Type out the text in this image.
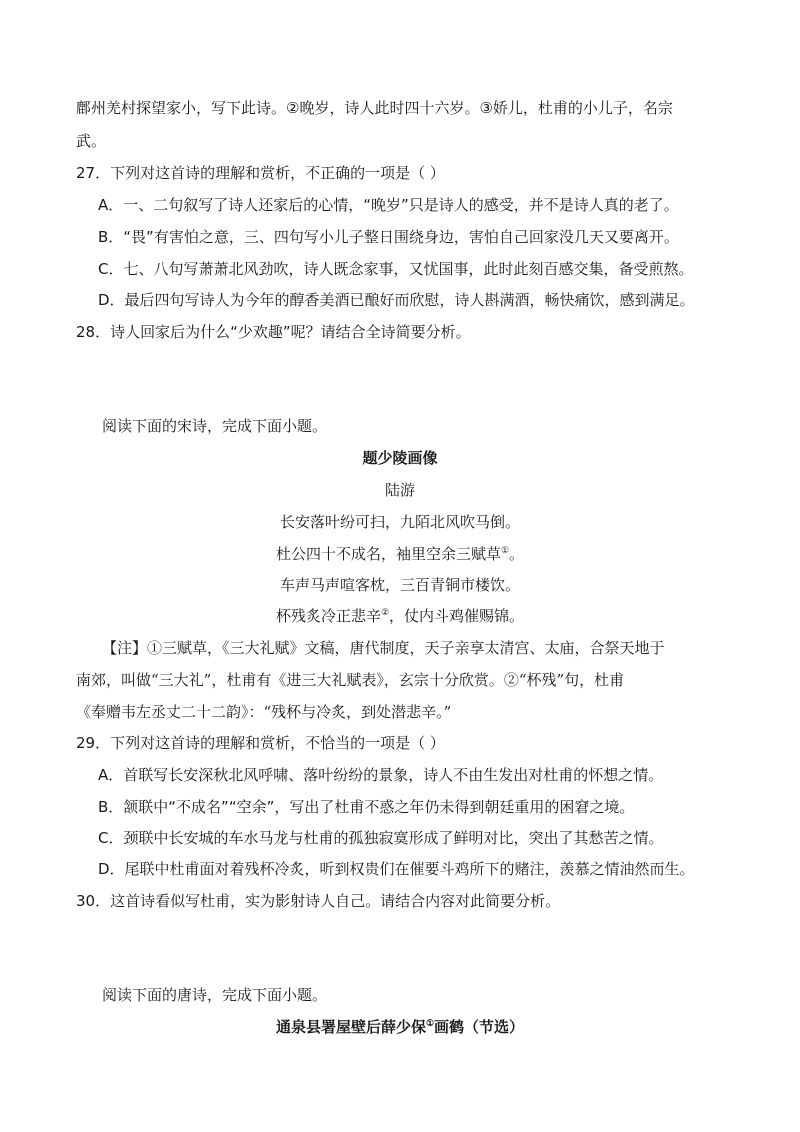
鄜州羌村探望家小，写下此诗。②晚岁，诗人此时四十六岁。③娇儿，杜甫的小儿子，名宗
武。
27．下列对这首诗的理解和赏析，不正确的一项是（ ）
A．一、二句叙写了诗人还家后的心情，“晚岁”只是诗人的感受，并不是诗人真的老了。
B．“畏”有害怕之意，三、四句写小儿子整日围绕身边，害怕自己回家没几天又要离开。
C．七、八句写萧萧北风劲吹，诗人既念家事，又忧国事，此时此刻百感交集，备受煎熬。
D．最后四句写诗人为今年的醇香美酒已酿好而欣慰，诗人斟满酒，畅快痛饮，感到满足。
28．诗人回家后为什么“少欢趣”呢？请结合全诗简要分析。
阅读下面的宋诗，完成下面小题。
题少陵画像
陆游
长安落叶纷可扫，九陌北风吹马倒。
杜公四十不成名，袖里空余三赋草①。
车声马声喧客枕，三百青铜市楼饮。
杯残炙冷正悲辛②，仗内斗鸡催赐锦。
【注】①三赋草，《三大礼赋》文稿，唐代制度，天子亲享太清宫、太庙，合祭天地于
南郊，叫做“三大礼”，杜甫有《进三大礼赋表》，玄宗十分欣赏。②“杯残”句，杜甫
《奉赠韦左丞丈二十二韵》：“残杯与冷炙，到处潜悲辛。”
29．下列对这首诗的理解和赏析，不恰当的一项是（ ）
A．首联写长安深秋北风呼啸、落叶纷纷的景象，诗人不由生发出对杜甫的怀想之情。
B．颔联中“不成名”“空余”，写出了杜甫不惑之年仍未得到朝廷重用的困窘之境。
C．颈联中长安城的车水马龙与杜甫的孤独寂寞形成了鲜明对比，突出了其愁苦之情。
D．尾联中杜甫面对着残杯冷炙，听到权贵们在催要斗鸡所下的赌注，羡慕之情油然而生。
30．这首诗看似写杜甫，实为影射诗人自己。请结合内容对此简要分析。
阅读下面的唐诗，完成下面小题。
通泉县署屋壁后薛少保①画鹤（节选）
